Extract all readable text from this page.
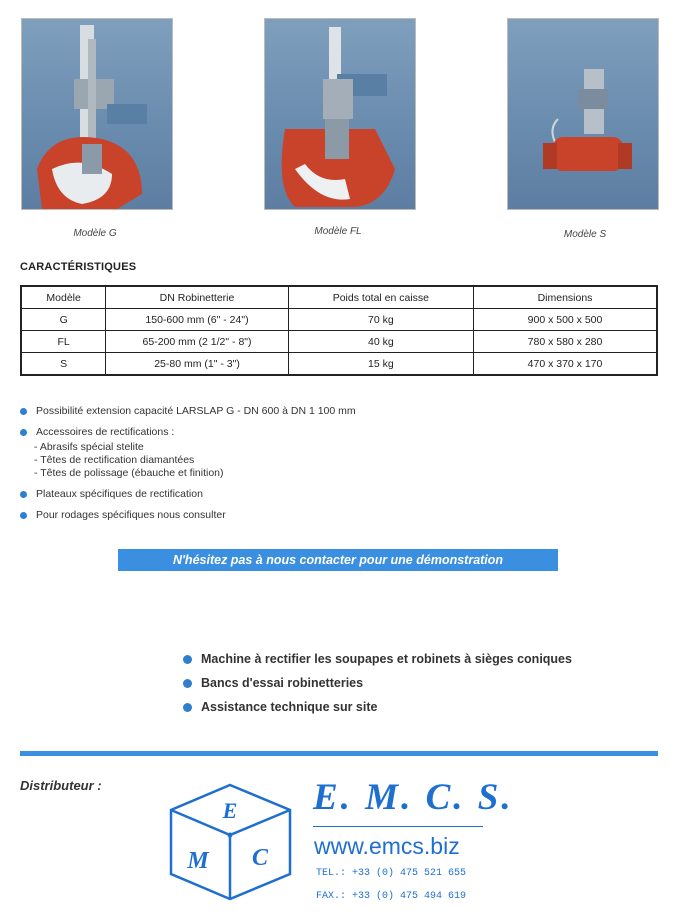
Modèle G	Modèle FL	Modèle S
CARACTÉRISTIQUES
Modèle	DN Robinetterie	Poids total en caisse	Dimensions
G	150-600 mm (6" - 24")	70 kg	900 x 500 x 500
FL	65-200 mm (2 1/2" - 8")	40 kg	780 x 580 x 280
S	25-80 mm (1" - 3")	15 kg	470 x 370 x 170
Possibilité extension capacité LARSLAP G - DN 600 à DN 1 100 mm
Accessoires de rectifications :
- Abrasifs spécial stelite
- Têtes de rectification diamantées
- Têtes de polissage (ébauche et finition)
Plateaux spécifiques de rectification
Pour rodages spécifiques nous consulter
N'hésitez pas à nous contacter pour une démonstration
Machine à rectifier les soupapes et robinets à sièges coniques
Bancs d'essai robinetteries
Assistance technique sur site
Distributeur :
E
M C
E. M. C. S.
www.emcs.biz
TEL.: +33 (0) 475 521 655
FAX.: +33 (0) 475 494 619
